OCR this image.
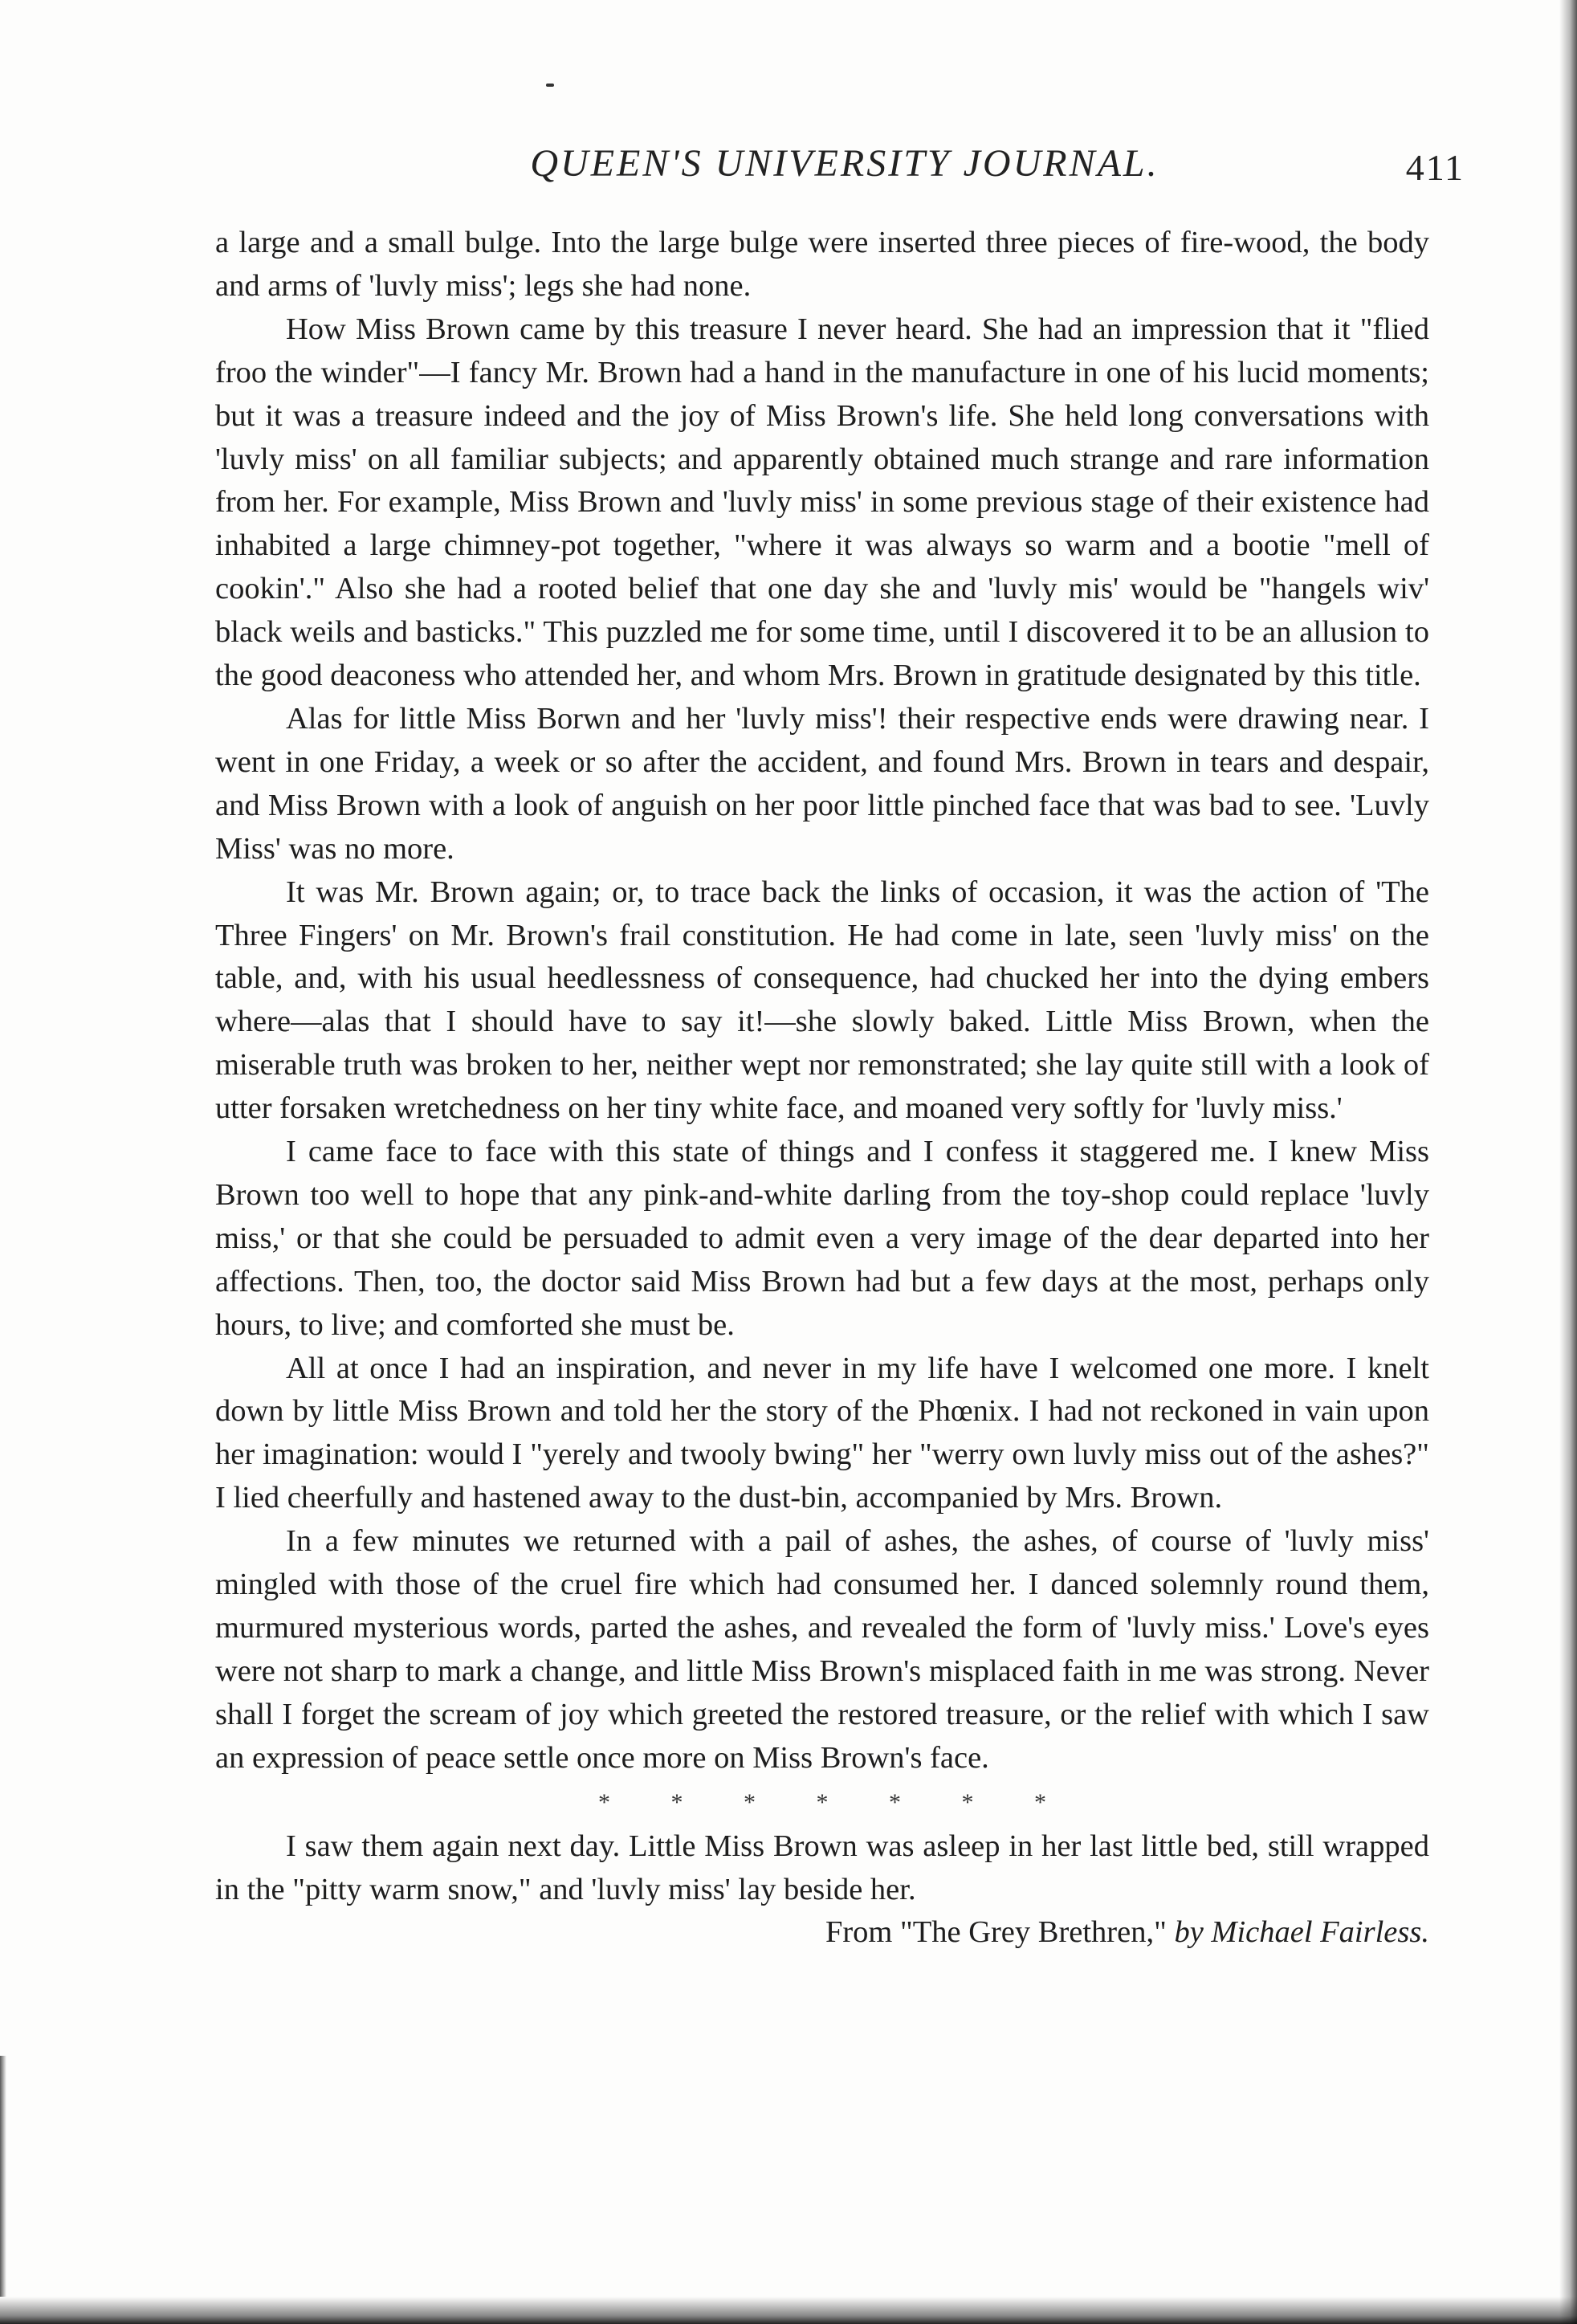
QUEEN'S UNIVERSITY JOURNAL.	411

a large and a small bulge. Into the large bulge were inserted three pieces of fire-wood, the body and arms of 'luvly miss'; legs she had none.

How Miss Brown came by this treasure I never heard. She had an impression that it "flied froo the winder"—I fancy Mr. Brown had a hand in the manufacture in one of his lucid moments; but it was a treasure indeed and the joy of Miss Brown's life. She held long conversations with 'luvly miss' on all familiar subjects; and apparently obtained much strange and rare information from her. For example, Miss Brown and 'luvly miss' in some previous stage of their existence had inhabited a large chimney-pot together, "where it was always so warm and a bootie "mell of cookin'." Also she had a rooted belief that one day she and 'luvly mis' would be "hangels wiv' black weils and basticks." This puzzled me for some time, until I discovered it to be an allusion to the good deaconess who attended her, and whom Mrs. Brown in gratitude designated by this title.

Alas for little Miss Borwn and her 'luvly miss'! their respective ends were drawing near. I went in one Friday, a week or so after the accident, and found Mrs. Brown in tears and despair, and Miss Brown with a look of anguish on her poor little pinched face that was bad to see. 'Luvly Miss' was no more.

It was Mr. Brown again; or, to trace back the links of occasion, it was the action of 'The Three Fingers' on Mr. Brown's frail constitution. He had come in late, seen 'luvly miss' on the table, and, with his usual heedlessness of consequence, had chucked her into the dying embers where—alas that I should have to say it!—she slowly baked. Little Miss Brown, when the miserable truth was broken to her, neither wept nor remonstrated; she lay quite still with a look of utter forsaken wretchedness on her tiny white face, and moaned very softly for 'luvly miss.'

I came face to face with this state of things and I confess it staggered me. I knew Miss Brown too well to hope that any pink-and-white darling from the toy-shop could replace 'luvly miss,' or that she could be persuaded to admit even a very image of the dear departed into her affections. Then, too, the doctor said Miss Brown had but a few days at the most, perhaps only hours, to live; and comforted she must be.

All at once I had an inspiration, and never in my life have I welcomed one more. I knelt down by little Miss Brown and told her the story of the Phœnix. I had not reckoned in vain upon her imagination: would I "yerely and twooly bwing" her "werry own luvly miss out of the ashes?" I lied cheerfully and hastened away to the dust-bin, accompanied by Mrs. Brown.

In a few minutes we returned with a pail of ashes, the ashes, of course of 'luvly miss' mingled with those of the cruel fire which had consumed her. I danced solemnly round them, murmured mysterious words, parted the ashes, and revealed the form of 'luvly miss.' Love's eyes were not sharp to mark a change, and little Miss Brown's misplaced faith in me was strong. Never shall I forget the scream of joy which greeted the restored treasure, or the relief with which I saw an expression of peace settle once more on Miss Brown's face.

* * * * * * *

I saw them again next day. Little Miss Brown was asleep in her last little bed, still wrapped in the "pitty warm snow," and 'luvly miss' lay beside her.

From "The Grey Brethren," by Michael Fairless.
